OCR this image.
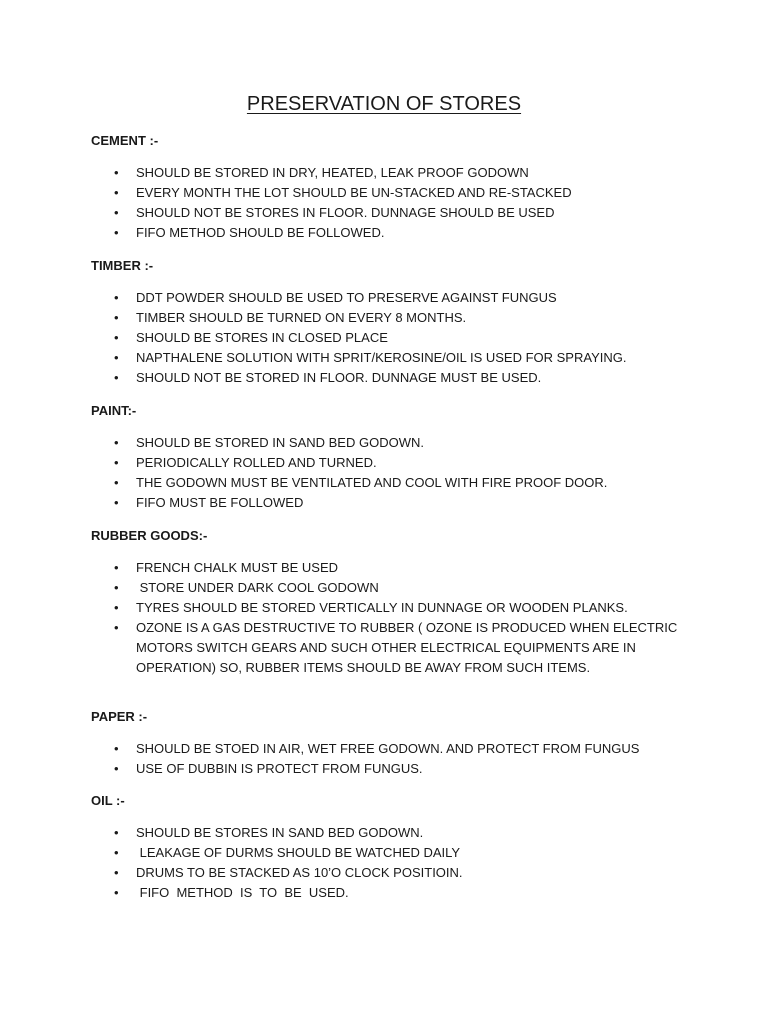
PRESERVATION OF STORES

CEMENT :-

• SHOULD BE STORED IN DRY, HEATED, LEAK PROOF GODOWN
• EVERY MONTH THE LOT SHOULD BE UN-STACKED AND RE-STACKED
• SHOULD NOT BE STORES IN FLOOR. DUNNAGE SHOULD BE USED
• FIFO METHOD SHOULD BE FOLLOWED.

TIMBER :-

• DDT POWDER SHOULD BE USED TO PRESERVE AGAINST FUNGUS
• TIMBER SHOULD BE TURNED ON EVERY 8 MONTHS.
• SHOULD BE STORES IN CLOSED PLACE
• NAPTHALENE SOLUTION WITH SPRIT/KEROSINE/OIL IS USED FOR SPRAYING.
• SHOULD NOT BE STORED IN FLOOR. DUNNAGE MUST BE USED.

PAINT:-

• SHOULD BE STORED IN SAND BED GODOWN.
• PERIODICALLY ROLLED AND TURNED.
• THE GODOWN MUST BE VENTILATED AND COOL WITH FIRE PROOF DOOR.
• FIFO MUST BE FOLLOWED

RUBBER GOODS:-

• FRENCH CHALK MUST BE USED
•  STORE UNDER DARK COOL GODOWN
• TYRES SHOULD BE STORED VERTICALLY IN DUNNAGE OR WOODEN PLANKS.
• OZONE IS A GAS DESTRUCTIVE TO RUBBER ( OZONE IS PRODUCED WHEN ELECTRIC MOTORS SWITCH GEARS AND SUCH OTHER ELECTRICAL EQUIPMENTS ARE IN OPERATION) SO, RUBBER ITEMS SHOULD BE AWAY FROM SUCH ITEMS.

PAPER :-

• SHOULD BE STOED IN AIR, WET FREE GODOWN. AND PROTECT FROM FUNGUS
• USE OF DUBBIN IS PROTECT FROM FUNGUS.

OIL :-

• SHOULD BE STORES IN SAND BED GODOWN.
•  LEAKAGE OF DURMS SHOULD BE WATCHED DAILY
• DRUMS TO BE STACKED AS 10’O CLOCK POSITIOIN.
•  FIFO  METHOD  IS  TO  BE  USED.
